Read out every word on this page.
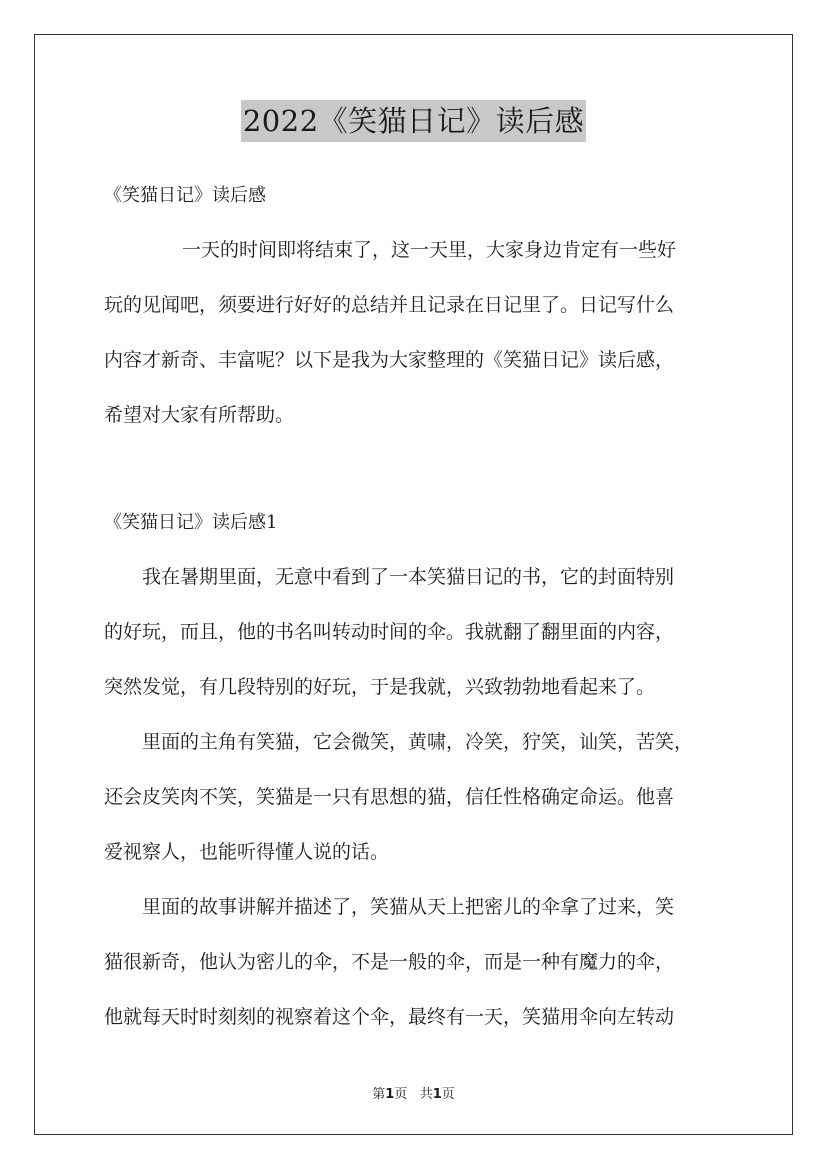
2022《笑猫日记》读后感
《笑猫日记》读后感
一天的时间即将结束了，这一天里，大家身边肯定有一些好
玩的见闻吧，须要进行好好的总结并且记录在日记里了。日记写什么
内容才新奇、丰富呢？以下是我为大家整理的《笑猫日记》读后感，
希望对大家有所帮助。
《笑猫日记》读后感1
我在暑期里面，无意中看到了一本笑猫日记的书，它的封面特别
的好玩，而且，他的书名叫转动时间的伞。我就翻了翻里面的内容，
突然发觉，有几段特别的好玩，于是我就，兴致勃勃地看起来了。
里面的主角有笑猫，它会微笑，黄啸，冷笑，狞笑，讪笑，苦笑，
还会皮笑肉不笑，笑猫是一只有思想的猫，信任性格确定命运。他喜
爱视察人，也能听得懂人说的话。
里面的故事讲解并描述了，笑猫从天上把密儿的伞拿了过来，笑
猫很新奇，他认为密儿的伞，不是一般的伞，而是一种有魔力的伞，
他就每天时时刻刻的视察着这个伞，最终有一天，笑猫用伞向左转动
第1页 共1页
